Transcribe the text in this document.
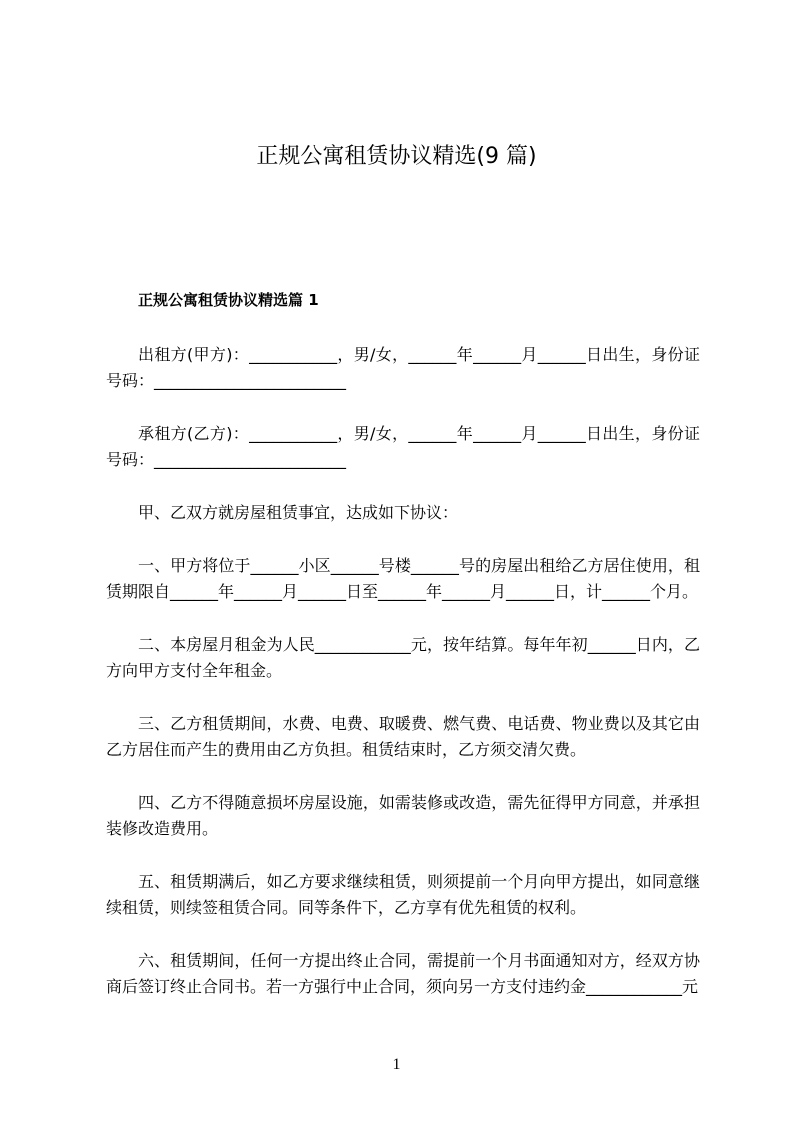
正规公寓租赁协议精选(9 篇)
正规公寓租赁协议精选篇 1

出租方(甲方)：___________，男/女，______年______月______日出生，身份证号码：________________________

承租方(乙方)：___________，男/女，______年______月______日出生，身份证号码：________________________

甲、乙双方就房屋租赁事宜，达成如下协议：

一、甲方将位于______小区______号楼______号的房屋出租给乙方居住使用，租赁期限自______年______月______日至______年______月______日，计______个月。

二、本房屋月租金为人民____________元，按年结算。每年年初______日内，乙方向甲方支付全年租金。

三、乙方租赁期间，水费、电费、取暖费、燃气费、电话费、物业费以及其它由乙方居住而产生的费用由乙方负担。租赁结束时，乙方须交清欠费。

四、乙方不得随意损坏房屋设施，如需装修或改造，需先征得甲方同意，并承担装修改造费用。

五、租赁期满后，如乙方要求继续租赁，则须提前一个月向甲方提出，如同意继续租赁，则续签租赁合同。同等条件下，乙方享有优先租赁的权利。

六、租赁期间，任何一方提出终止合同，需提前一个月书面通知对方，经双方协商后签订终止合同书。若一方强行中止合同，须向另一方支付违约金____________元

1
